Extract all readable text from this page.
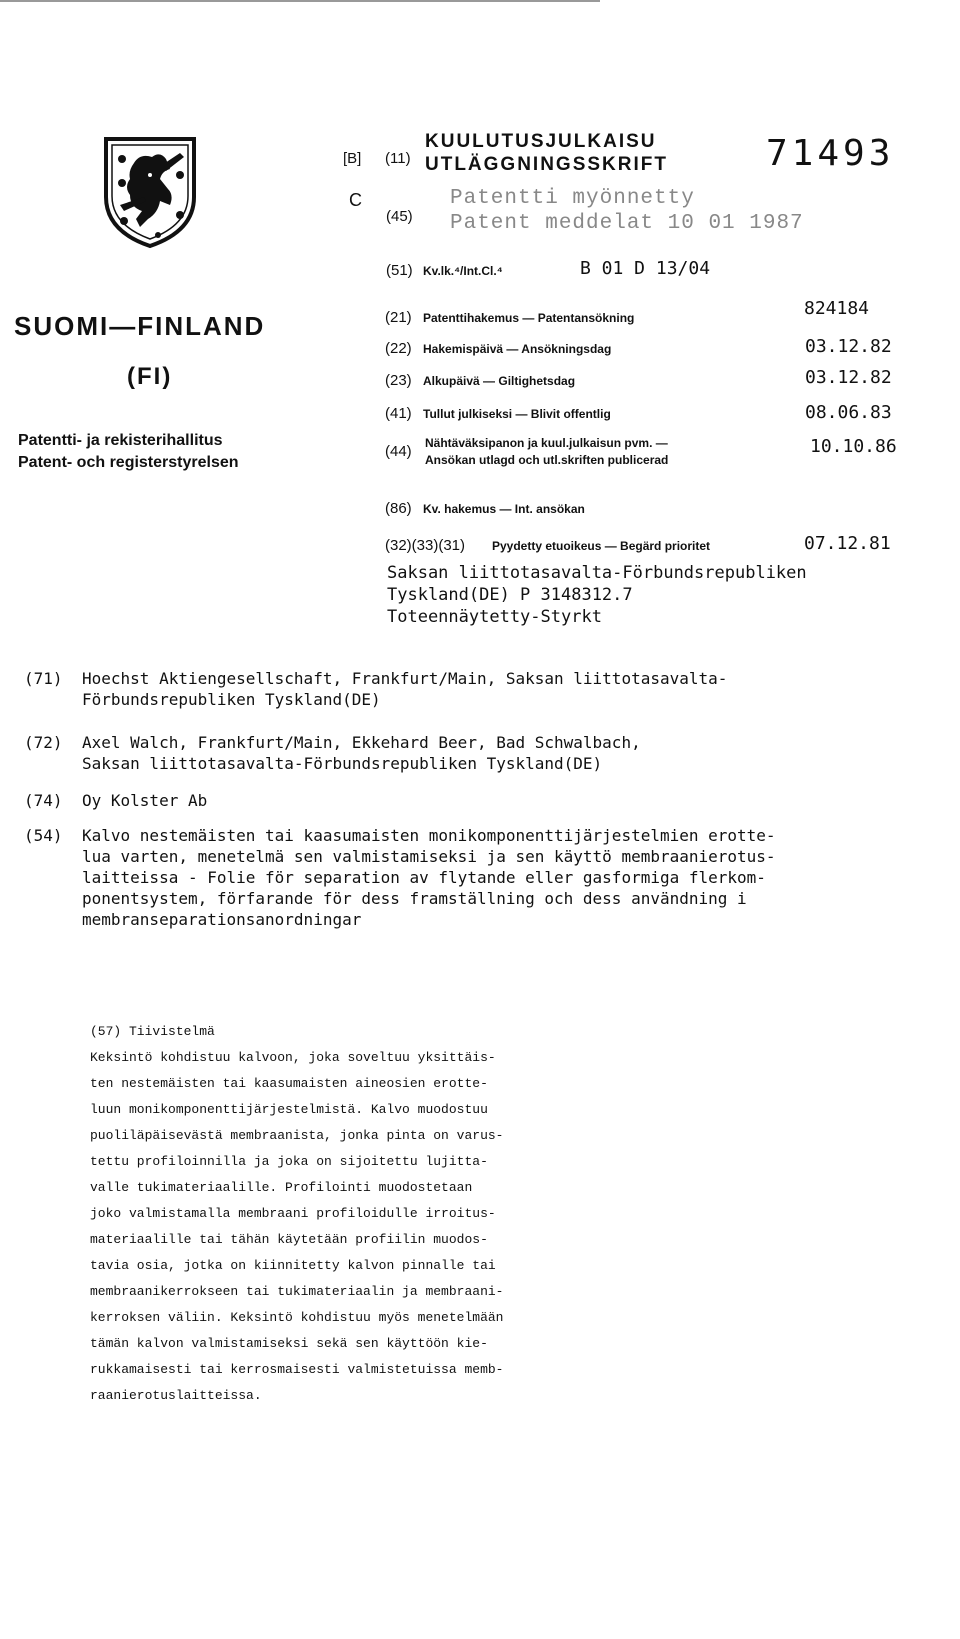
[B] (11)
KUULUTUSJULKAISU
UTLÄGGNINGSSKRIFT	71493
C
(45)
Patentti myönnetty
Patent meddelat 10 01 1987
(51) Kv.lk.⁴/Int.Cl.⁴	B 01 D 13/04
SUOMI—FINLAND
(FI)
Patentti- ja rekisterihallitus
Patent- och registerstyrelsen
(21) Patenttihakemus — Patentansökning	824184
(22) Hakemispäivä — Ansökningsdag	03.12.82
(23) Alkupäivä — Giltighetsdag	03.12.82
(41) Tullut julkiseksi — Blivit offentlig	08.06.83
(44) Nähtäväksipanon ja kuul.julkaisun pvm. —
Ansökan utlagd och utl.skriften publicerad
10.10.86
(86) Kv. hakemus — Int. ansökan
(32)(33)(31) Pyydetty etuoikeus — Begärd prioritet	07.12.81
Saksan liittotasavalta-Förbundsrepubliken
Tyskland(DE) P 3148312.7
Toteennäytetty-Styrkt
(71) Hoechst Aktiengesellschaft, Frankfurt/Main, Saksan liittotasavalta-
Förbundsrepubliken Tyskland(DE)
(72) Axel Walch, Frankfurt/Main, Ekkehard Beer, Bad Schwalbach,
Saksan liittotasavalta-Förbundsrepubliken Tyskland(DE)
(74) Oy Kolster Ab
(54) Kalvo nestemäisten tai kaasumaisten monikomponenttijärjestelmien erotte-
lua varten, menetelmä sen valmistamiseksi ja sen käyttö membraanierotus-
laitteissa - Folie för separation av flytande eller gasformiga flerkom-
ponentsystem, förfarande för dess framställning och dess användning i
membranseparationsanordningar
(57) Tiivistelmä
Keksintö kohdistuu kalvoon, joka soveltuu yksittäis-
ten nestemäisten tai kaasumaisten aineosien erotte-
luun monikomponenttijärjestelmistä. Kalvo muodostuu
puoliläpäisevästä membraanista, jonka pinta on varus-
tettu profiloinnilla ja joka on sijoitettu lujitta-
valle tukimateriaalille. Profilointi muodostetaan
joko valmistamalla membraani profiloidulle irroitus-
materiaalille tai tähän käytetään profiilin muodos-
tavia osia, jotka on kiinnitetty kalvon pinnalle tai
membraanikerrokseen tai tukimateriaalin ja membraani-
kerroksen väliin. Keksintö kohdistuu myös menetelmään
tämän kalvon valmistamiseksi sekä sen käyttöön kie-
rukkamaisesti tai kerrosmaisesti valmistetuissa memb-
raanierotuslaitteissa.
